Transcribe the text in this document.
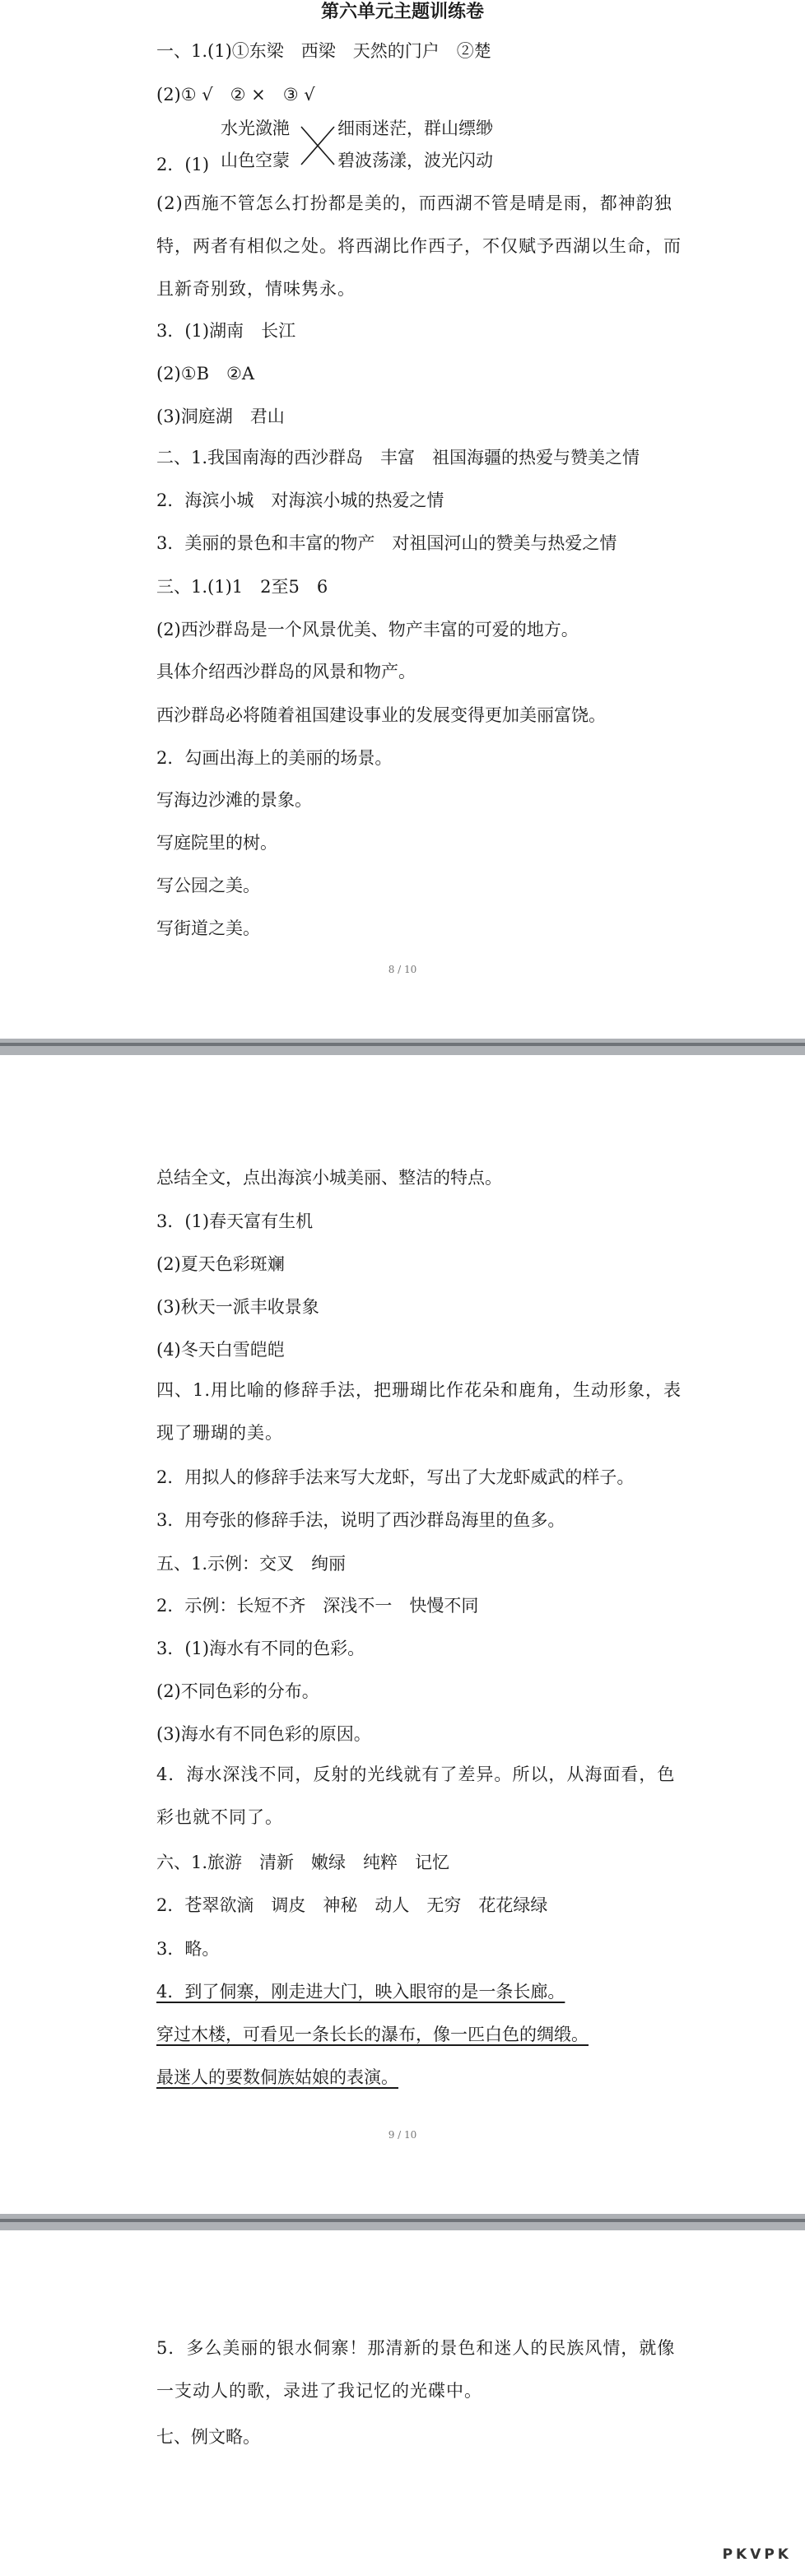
第六单元主题训练卷
一、1.(1)①东梁　西梁　天然的门户　②楚
(2)① √　② ×　③ √
2．(1)
水光潋滟
山色空蒙
细雨迷茫，群山缥缈
碧波荡漾，波光闪动
(2)西施不管怎么打扮都是美的，而西湖不管是晴是雨，都神韵独特，两者有相似之处。将西湖比作西子，不仅赋予西湖以生命，而且新奇别致，情味隽永。
3．(1)湖南　长江
(2)①B　②A
(3)洞庭湖　君山
二、1.我国南海的西沙群岛　丰富　祖国海疆的热爱与赞美之情
2．海滨小城　对海滨小城的热爱之情
3．美丽的景色和丰富的物产　对祖国河山的赞美与热爱之情
三、1.(1)1　2至5　6
(2)西沙群岛是一个风景优美、物产丰富的可爱的地方。
具体介绍西沙群岛的风景和物产。
西沙群岛必将随着祖国建设事业的发展变得更加美丽富饶。
2．勾画出海上的美丽的场景。
写海边沙滩的景象。
写庭院里的树。
写公园之美。
写街道之美。
8 / 10
总结全文，点出海滨小城美丽、整洁的特点。
3．(1)春天富有生机
(2)夏天色彩斑斓
(3)秋天一派丰收景象
(4)冬天白雪皑皑
四、1.用比喻的修辞手法，把珊瑚比作花朵和鹿角，生动形象，表现了珊瑚的美。
2．用拟人的修辞手法来写大龙虾，写出了大龙虾威武的样子。
3．用夸张的修辞手法，说明了西沙群岛海里的鱼多。
五、1.示例：交叉　绚丽
2．示例：长短不齐　深浅不一　快慢不同
3．(1)海水有不同的色彩。
(2)不同色彩的分布。
(3)海水有不同色彩的原因。
4．海水深浅不同，反射的光线就有了差异。所以，从海面看，色彩也就不同了。
六、1.旅游　清新　嫩绿　纯粹　记忆
2．苍翠欲滴　调皮　神秘　动人　无穷　花花绿绿
3．略。
4．到了侗寨，刚走进大门，映入眼帘的是一条长廊。
穿过木楼，可看见一条长长的瀑布，像一匹白色的绸缎。
最迷人的要数侗族姑娘的表演。
9 / 10
5．多么美丽的银水侗寨！那清新的景色和迷人的民族风情，就像一支动人的歌，录进了我记忆的光碟中。
七、例文略。
PKVPK
